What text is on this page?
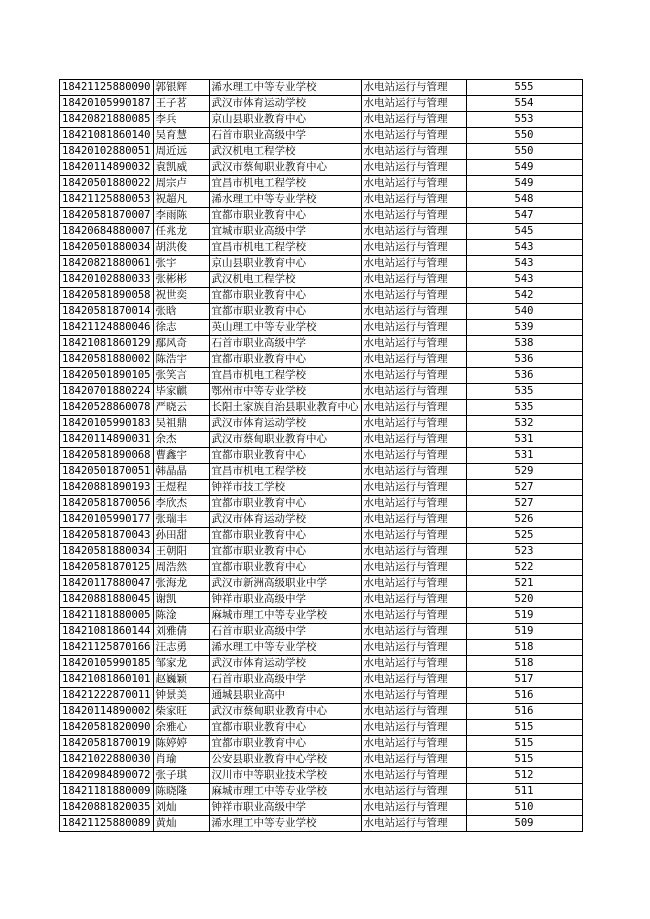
18421125880090	郭银辉	浠水理工中等专业学校	水电站运行与管理	555
18420105990187	王子茗	武汉市体育运动学校	水电站运行与管理	554
18420821880085	李兵	京山县职业教育中心	水电站运行与管理	553
18421081860140	吴育慧	石首市职业高级中学	水电站运行与管理	550
18420102880051	周近远	武汉机电工程学校	水电站运行与管理	550
18420114890032	袁凯威	武汉市蔡甸职业教育中心	水电站运行与管理	549
18420501880022	周宗卢	宜昌市机电工程学校	水电站运行与管理	549
18421125880053	祝超凡	浠水理工中等专业学校	水电站运行与管理	548
18420581870007	李雨陈	宜都市职业教育中心	水电站运行与管理	547
18420684880007	任兆龙	宜城市职业高级中学	水电站运行与管理	545
18420501880034	胡洪俊	宜昌市机电工程学校	水电站运行与管理	543
18420821880061	张宇	京山县职业教育中心	水电站运行与管理	543
18420102880033	张彬彬	武汉机电工程学校	水电站运行与管理	543
18420581890058	祝世奕	宜都市职业教育中心	水电站运行与管理	542
18420581870014	张晗	宜都市职业教育中心	水电站运行与管理	540
18421124880046	徐志	英山理工中等专业学校	水电站运行与管理	539
18421081860129	鄢风奇	石首市职业高级中学	水电站运行与管理	538
18420581880002	陈浩宇	宜都市职业教育中心	水电站运行与管理	536
18420501890105	张笑言	宜昌市机电工程学校	水电站运行与管理	536
18420701880224	毕家麒	鄂州市中等专业学校	水电站运行与管理	535
18420528860078	严晓云	长阳土家族自治县职业教育中心	水电站运行与管理	535
18420105990183	吴祖鼎	武汉市体育运动学校	水电站运行与管理	532
18420114890031	余杰	武汉市蔡甸职业教育中心	水电站运行与管理	531
18420581890068	曹鑫宇	宜都市职业教育中心	水电站运行与管理	531
18420501870051	韩晶晶	宜昌市机电工程学校	水电站运行与管理	529
18420881890193	王煜程	钟祥市技工学校	水电站运行与管理	527
18420581870056	李欣杰	宜都市职业教育中心	水电站运行与管理	527
18420105990177	张瑞丰	武汉市体育运动学校	水电站运行与管理	526
18420581870043	孙田甜	宜都市职业教育中心	水电站运行与管理	525
18420581880034	王朝阳	宜都市职业教育中心	水电站运行与管理	523
18420581870125	周浩然	宜都市职业教育中心	水电站运行与管理	522
18420117880047	张海龙	武汉市新洲高级职业中学	水电站运行与管理	521
18420881880045	谢凯	钟祥市职业高级中学	水电站运行与管理	520
18421181880005	陈淦	麻城市理工中等专业学校	水电站运行与管理	519
18421081860144	刘雅倩	石首市职业高级中学	水电站运行与管理	519
18421125870166	汪志勇	浠水理工中等专业学校	水电站运行与管理	518
18420105990185	邹家龙	武汉市体育运动学校	水电站运行与管理	518
18421081860101	赵巍颖	石首市职业高级中学	水电站运行与管理	517
18421222870011	钟景美	通城县职业高中	水电站运行与管理	516
18420114890002	柴家旺	武汉市蔡甸职业教育中心	水电站运行与管理	516
18420581820090	余雅心	宜都市职业教育中心	水电站运行与管理	515
18420581870019	陈婷婷	宜都市职业教育中心	水电站运行与管理	515
18421022880030	肖瑜	公安县职业教育中心学校	水电站运行与管理	515
18420984890072	张子琪	汉川市中等职业技术学校	水电站运行与管理	512
18421181880009	陈晓隆	麻城市理工中等专业学校	水电站运行与管理	511
18420881820035	刘灿	钟祥市职业高级中学	水电站运行与管理	510
18421125880089	黄灿	浠水理工中等专业学校	水电站运行与管理	509
